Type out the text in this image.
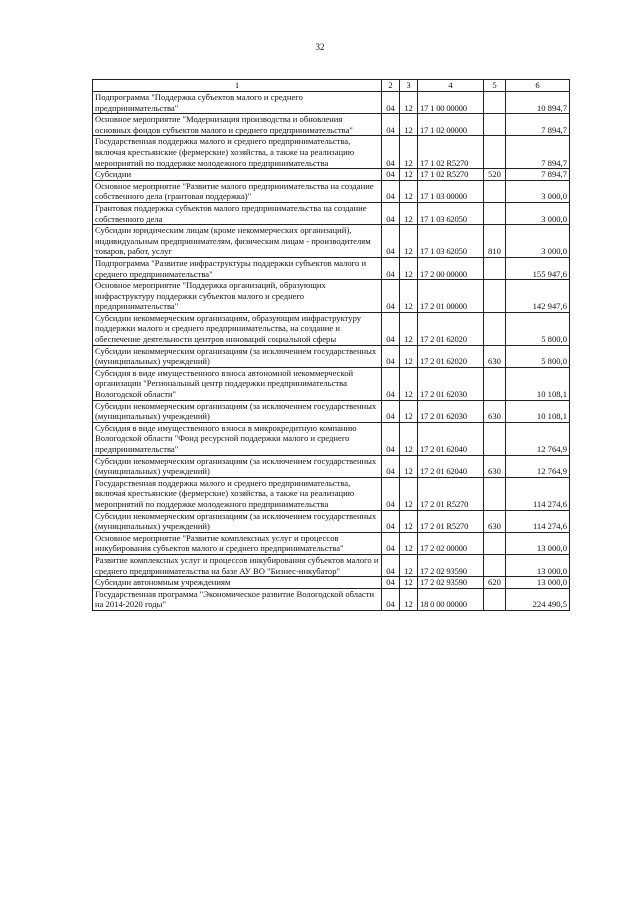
32
1	2	3	4	5	6
Подпрограмма "Поддержка субъектов малого и среднего предпринимательства"	04	12	17 1 00 00000		10 894,7
Основное мероприятие "Модернизация производства и обновления основных фондов субъектов малого и среднего предпринимательства"	04	12	17 1 02 00000		7 894,7
Государственная поддержка малого и среднего предпринимательства, включая крестьянские (фермерские) хозяйства, а также на реализацию мероприятий по поддержке молодежного предпринимательства	04	12	17 1 02 R5270		7 894,7
Субсидии	04	12	17 1 02 R5270	520	7 894,7
Основное мероприятие "Развитие малого предпринимательства на создание собственного дела (грантовая поддержка)"	04	12	17 1 03 00000		3 000,0
Грантовая поддержка субъектов малого предпринимательства на создание собственного дела	04	12	17 1 03 62050		3 000,0
Субсидии юридическим лицам (кроме некоммерческих организаций), индивидуальным предпринимателям, физическим лицам - производителям товаров, работ, услуг	04	12	17 1 03 62050	810	3 000,0
Подпрограмма "Развитие инфраструктуры поддержки субъектов малого и среднего предпринимательства"	04	12	17 2 00 00000		155 947,6
Основное мероприятие "Поддержка организаций, образующих инфраструктуру поддержки субъектов малого и среднего предпринимательства"	04	12	17 2 01 00000		142 947,6
Субсидии некоммерческим организациям, образующим инфраструктуру поддержки малого и среднего предпринимательства, на создание и обеспечение деятельности центров инноваций социальной сферы	04	12	17 2 01 62020		5 800,0
Субсидии некоммерческим организациям (за исключением государственных (муниципальных) учреждений)	04	12	17 2 01 62020	630	5 800,0
Субсидия в виде имущественного взноса автономной некоммерческой организации "Региональный центр поддержки предпринимательства Вологодской области"	04	12	17 2 01 62030		10 108,1
Субсидии некоммерческим организациям (за исключением государственных (муниципальных) учреждений)	04	12	17 2 01 62030	630	10 108,1
Субсидия в виде имущественного взноса в микрокредитную компанию Вологодской области "Фонд ресурсной поддержки малого и среднего предпринимательства"	04	12	17 2 01 62040		12 764,9
Субсидии некоммерческим организациям (за исключением государственных (муниципальных) учреждений)	04	12	17 2 01 62040	630	12 764,9
Государственная поддержка малого и среднего предпринимательства, включая крестьянские (фермерские) хозяйства, а также на реализацию мероприятий по поддержке молодежного предпринимательства	04	12	17 2 01 R5270		114 274,6
Субсидии некоммерческим организациям (за исключением государственных (муниципальных) учреждений)	04	12	17 2 01 R5270	630	114 274,6
Основное мероприятие "Развитие комплексных услуг и процессов инкубирования субъектов малого и среднего предпринимательства"	04	12	17 2 02 00000		13 000,0
Развитие комплексных услуг и процессов инкубирования субъектов малого и среднего предпринимательства на базе АУ ВО "Бизнес-инкубатор"	04	12	17 2 02 93590		13 000,0
Субсидии автономным учреждениям	04	12	17 2 02 93590	620	13 000,0
Государственная программа "Экономическое развитие Вологодской области на 2014-2020 годы"	04	12	18 0 00 00000		224 490,5
